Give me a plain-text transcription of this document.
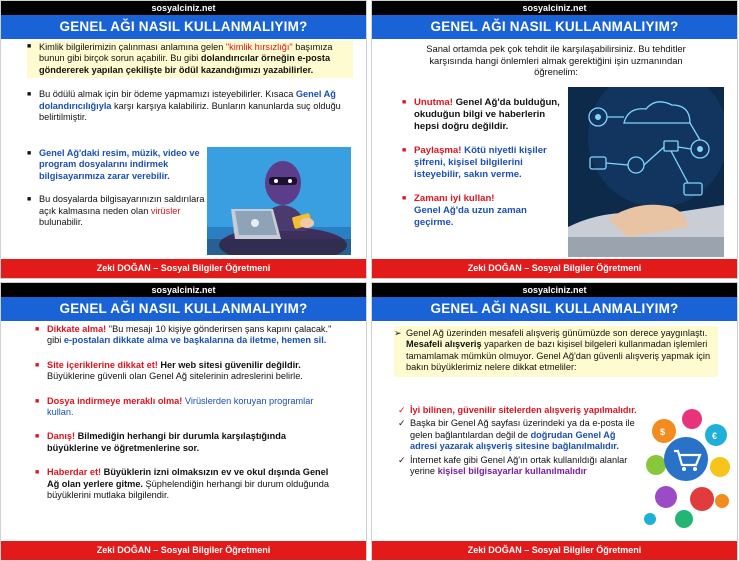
sosyalciniz.net
GENEL AĞI NASIL KULLANMALIYIM?
■ Kimlik bilgilerimizin çalınması anlamına gelen "kimlik hırsızlığı" başımıza bunun gibi birçok sorun açabilir. Bu gibi dolandırıcılar örneğin e-posta göndererek yapılan çekilişte bir ödül kazandığımızı yazabilirler.
■ Bu ödülü almak için bir ödeme yapmamızı isteyebilirler. Kısaca Genel Ağ dolandırıcılığıyla karşı karşıya kalabiliriz. Bunların kanunlarda suç olduğu belirtilmiştir.
■ Genel Ağ'daki resim, müzik, video ve program dosyalarını indirmek bilgisayarımıza zarar verebilir.
■ Bu dosyalarda bilgisayarınızın saldırılara açık kalmasına neden olan virüsler bulunabilir.
Zeki DOĞAN – Sosyal Bilgiler Öğretmeni
sosyalciniz.net
GENEL AĞI NASIL KULLANMALIYIM?
Sanal ortamda pek çok tehdit ile karşılaşabilirsiniz. Bu tehditler karşısında hangi önlemleri almak gerektiğini işin uzmanından öğrenelim:
■ Unutma! Genel Ağ'da bulduğun, okuduğun bilgi ve haberlerin hepsi doğru değildir.
■ Paylaşma! Kötü niyetli kişiler şifreni, kişisel bilgilerini isteyebilir, sakın verme.
■ Zamanı iyi kullan!
Genel Ağ'da uzun zaman geçirme.
Zeki DOĞAN – Sosyal Bilgiler Öğretmeni
sosyalciniz.net
GENEL AĞI NASIL KULLANMALIYIM?
■ Dikkate alma! "Bu mesajı 10 kişiye gönderirsen şans kapını çalacak." gibi e-postaları dikkate alma ve başkalarına da iletme, hemen sil.
■ Site içeriklerine dikkat et! Her web sitesi güvenilir değildir. Büyüklerine güvenli olan Genel Ağ sitelerinin adreslerini belirle.
■ Dosya indirmeye meraklı olma! Virüslerden koruyan programlar kullan.
■ Danış! Bilmediğin herhangi bir durumla karşılaştığında büyüklerine ve öğretmenlerine sor.
■ Haberdar et! Büyüklerin izni olmaksızın ev ve okul dışında Genel Ağ olan yerlere gitme. Şüphelendiğin herhangi bir durum olduğunda büyüklerini mutlaka bilgilendir.
Zeki DOĞAN – Sosyal Bilgiler Öğretmeni
sosyalciniz.net
GENEL AĞI NASIL KULLANMALIYIM?
➢ Genel Ağ üzerinden mesafeli alışveriş günümüzde son derece yaygınlaştı. Mesafeli alışveriş yaparken de bazı kişisel bilgeleri kullanmadan işlemleri tamamlamak mümkün olmuyor. Genel Ağ'dan güvenli alışveriş yapmak için bakın büyüklerimiz nelere dikkat etmeliler:
✓ İyi bilinen, güvenilir sitelerden alışveriş yapılmalıdır.
✓ Başka bir Genel Ağ sayfası üzerindeki ya da e-posta ile gelen bağlantılardan değil de doğrudan Genel Ağ adresi yazarak alışveriş sitesine bağlanılmalıdır.
✓ İnternet kafe gibi Genel Ağ'ın ortak kullanıldığı alanlar yerine kişisel bilgisayarlar kullanılmalıdır
$	€
Zeki DOĞAN – Sosyal Bilgiler Öğretmeni
